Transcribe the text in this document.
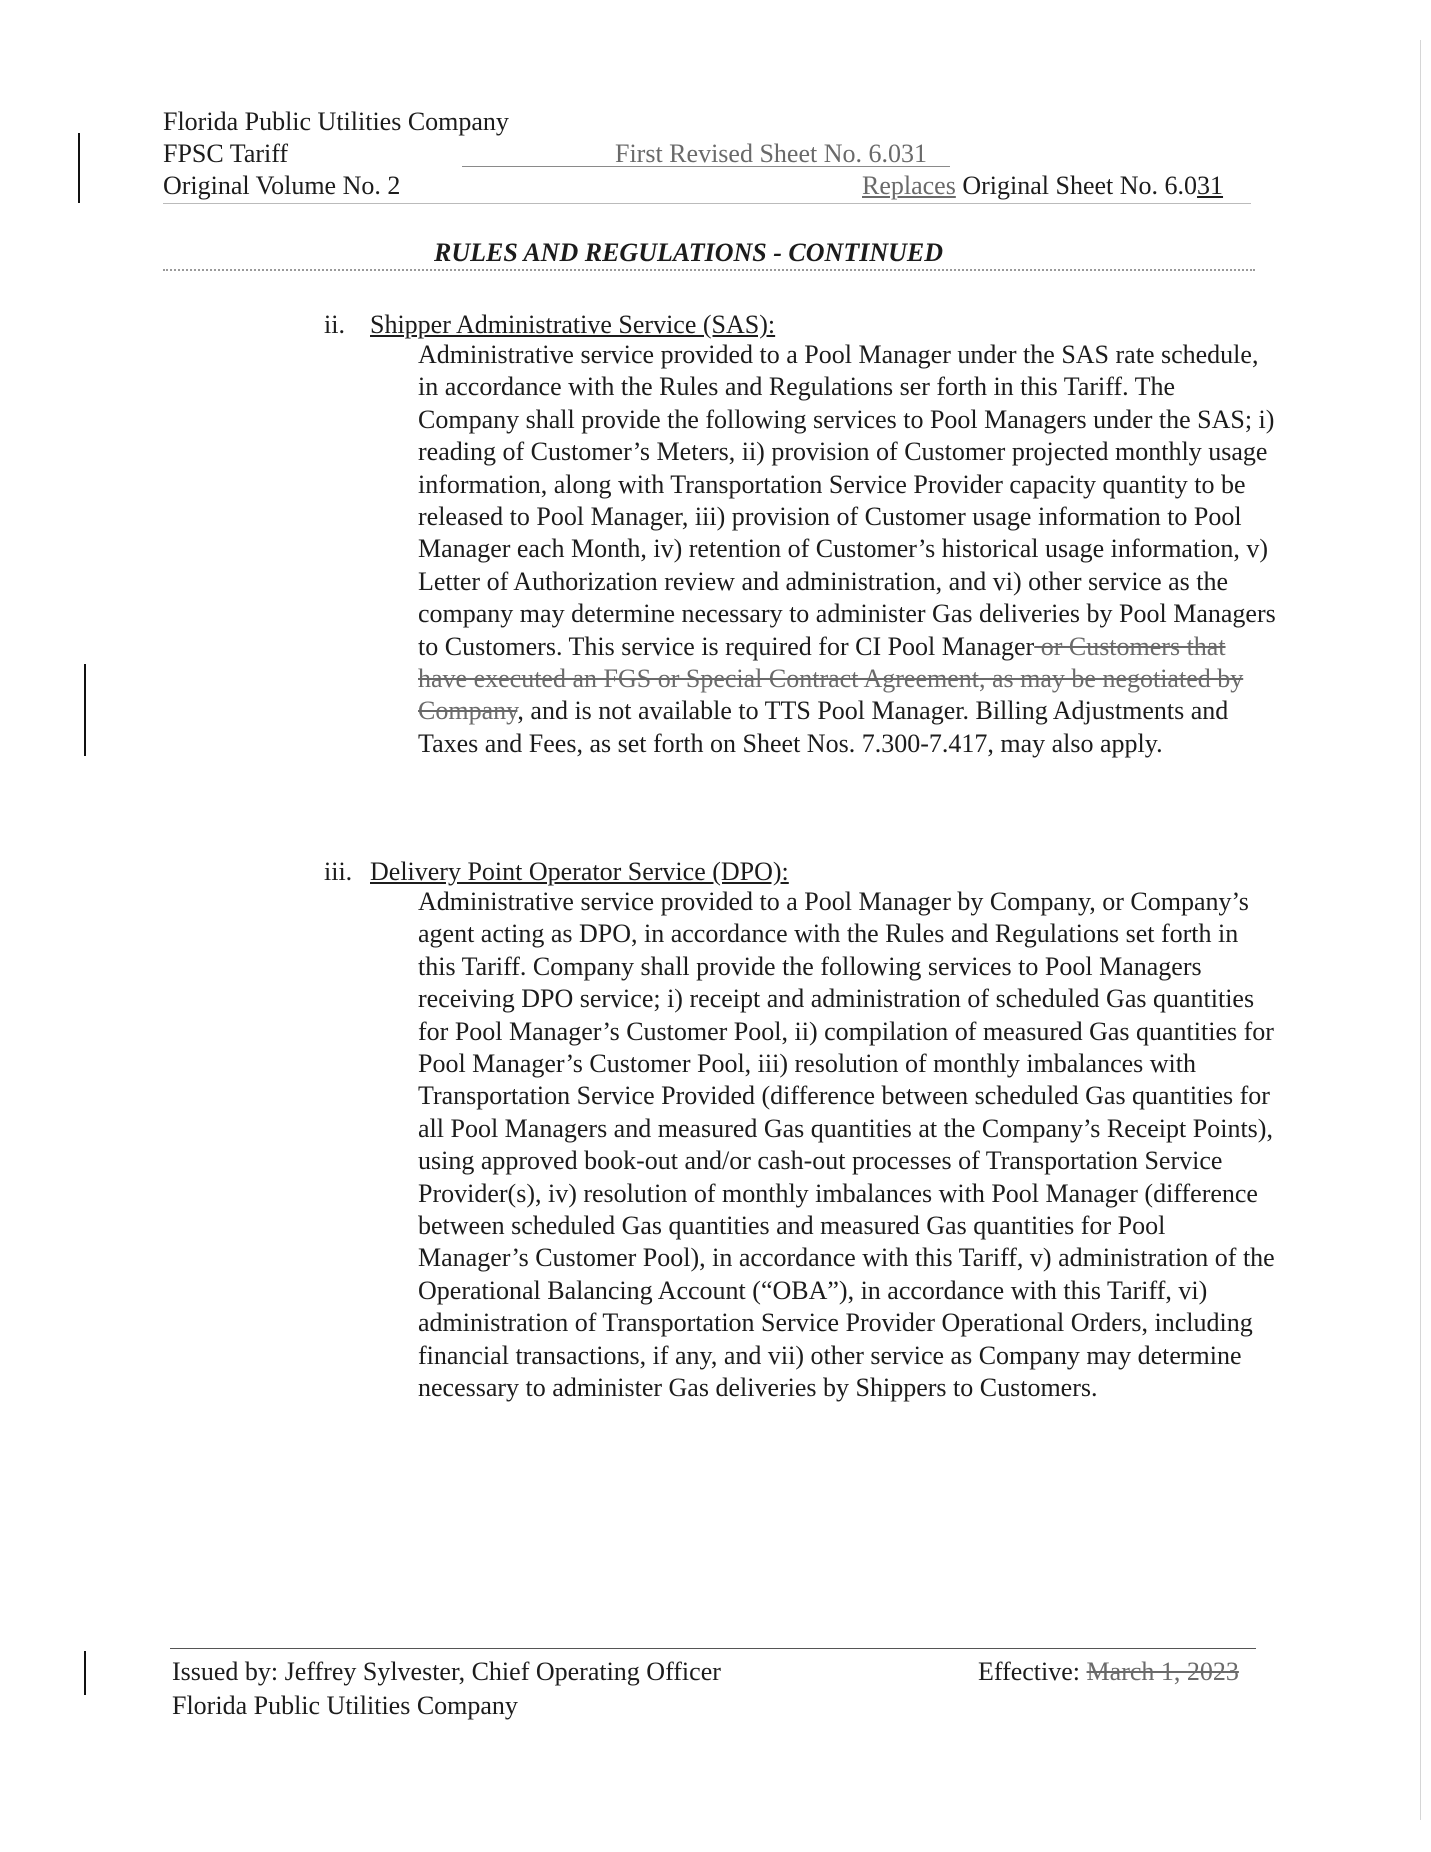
Florida Public Utilities Company
FPSC Tariff
Original Volume No. 2
First Revised Sheet No. 6.031
Replaces Original Sheet No. 6.031
RULES AND REGULATIONS - CONTINUED
ii. Shipper Administrative Service (SAS):

Administrative service provided to a Pool Manager under the SAS rate schedule, in accordance with the Rules and Regulations ser forth in this Tariff. The Company shall provide the following services to Pool Managers under the SAS; i) reading of Customer’s Meters, ii) provision of Customer projected monthly usage information, along with Transportation Service Provider capacity quantity to be released to Pool Manager, iii) provision of Customer usage information to Pool Manager each Month, iv) retention of Customer’s historical usage information, v) Letter of Authorization review and administration, and vi) other service as the company may determine necessary to administer Gas deliveries by Pool Managers to Customers. This service is required for CI Pool Manager or Customers that have executed an FGS or Special Contract Agreement, as may be negotiated by Company, and is not available to TTS Pool Manager. Billing Adjustments and Taxes and Fees, as set forth on Sheet Nos. 7.300-7.417, may also apply.

iii. Delivery Point Operator Service (DPO):

Administrative service provided to a Pool Manager by Company, or Company’s agent acting as DPO, in accordance with the Rules and Regulations set forth in this Tariff. Company shall provide the following services to Pool Managers receiving DPO service; i) receipt and administration of scheduled Gas quantities for Pool Manager’s Customer Pool, ii) compilation of measured Gas quantities for Pool Manager’s Customer Pool, iii) resolution of monthly imbalances with Transportation Service Provided (difference between scheduled Gas quantities for all Pool Managers and measured Gas quantities at the Company’s Receipt Points), using approved book-out and/or cash-out processes of Transportation Service Provider(s), iv) resolution of monthly imbalances with Pool Manager (difference between scheduled Gas quantities and measured Gas quantities for Pool Manager’s Customer Pool), in accordance with this Tariff, v) administration of the Operational Balancing Account (“OBA”), in accordance with this Tariff, vi) administration of Transportation Service Provider Operational Orders, including financial transactions, if any, and vii) other service as Company may determine necessary to administer Gas deliveries by Shippers to Customers.

Issued by: Jeffrey Sylvester, Chief Operating Officer
Florida Public Utilities Company
Effective: March 1, 2023
